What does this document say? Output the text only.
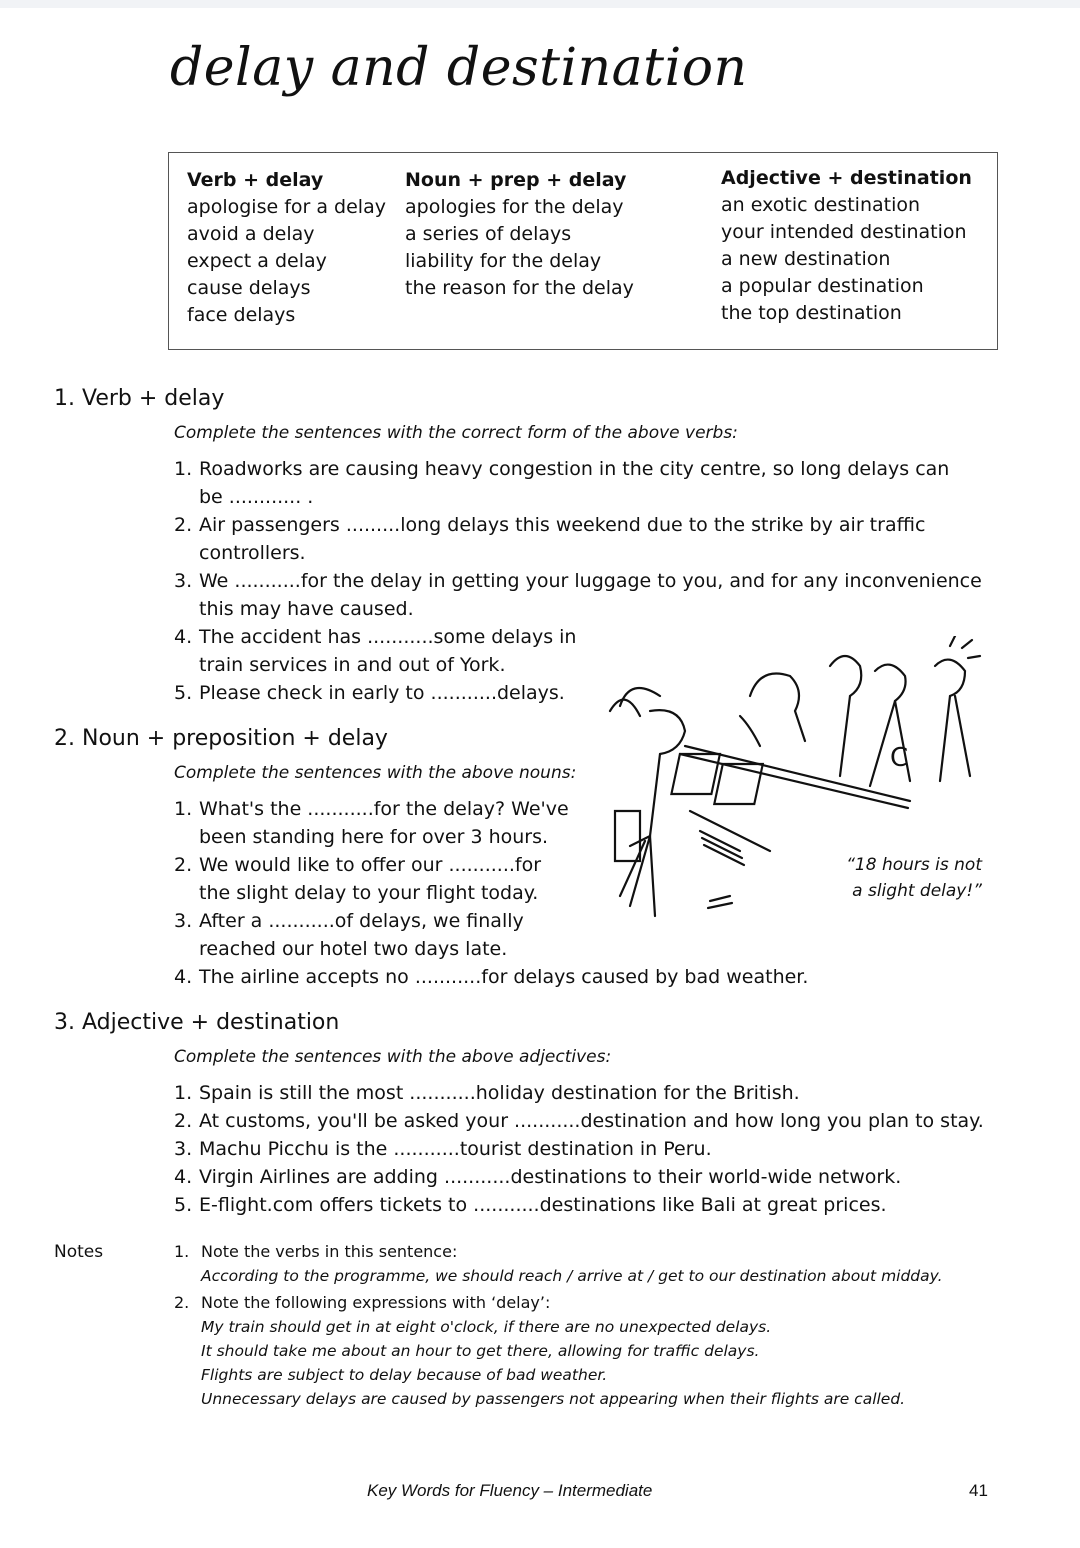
delay and destination
Verb + delay
apologise for a delay
avoid a delay
expect a delay
cause delays
face delays
Noun + prep + delay
apologies for the delay
a series of delays
liability for the delay
the reason for the delay
Adjective + destination
an exotic destination
your intended destination
a new destination
a popular destination
the top destination
1. Verb + delay
Complete the sentences with the correct form of the above verbs:
1. Roadworks are causing heavy congestion in the city centre, so long delays can
be ............ .
2. Air passengers .........long delays this weekend due to the strike by air traffic
controllers.
3. We ...........for the delay in getting your luggage to you, and for any inconvenience
this may have caused.
4. The accident has ...........some delays in
train services in and out of York.
5. Please check in early to ...........delays.
2. Noun + preposition + delay
Complete the sentences with the above nouns:
1. What's the ...........for the delay? We've
been standing here for over 3 hours.
2. We would like to offer our ...........for
the slight delay to your flight today.
3. After a ...........of delays, we finally
reached our hotel two days late.
4. The airline accepts no ...........for delays caused by bad weather.
C
“18 hours is not
a slight delay!”
3. Adjective + destination
Complete the sentences with the above adjectives:
1. Spain is still the most ...........holiday destination for the British.
2. At customs, you'll be asked your ...........destination and how long you plan to stay.
3. Machu Picchu is the ...........tourist destination in Peru.
4. Virgin Airlines are adding ...........destinations to their world-wide network.
5. E-flight.com offers tickets to ...........destinations like Bali at great prices.
Notes	1. Note the verbs in this sentence:
According to the programme, we should reach / arrive at / get to our destination about midday.
2. Note the following expressions with ‘delay’:
My train should get in at eight o'clock, if there are no unexpected delays.
It should take me about an hour to get there, allowing for traffic delays.
Flights are subject to delay because of bad weather.
Unnecessary delays are caused by passengers not appearing when their flights are called.
Key Words for Fluency – Intermediate	41
